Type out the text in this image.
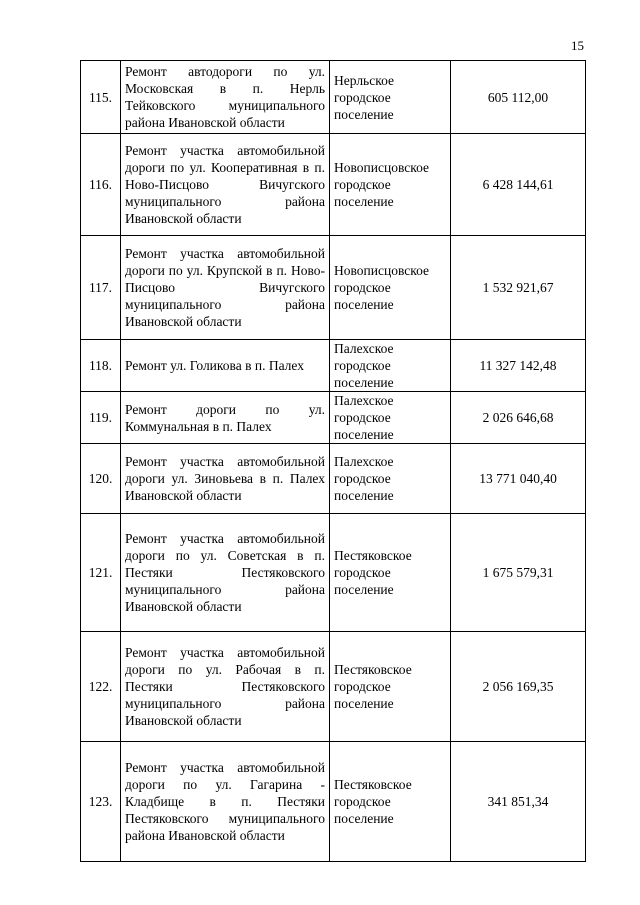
15
115.	Ремонт автодороги по ул. Московская в п. Нерль Тейковского муниципального района Ивановской области	Нерльское городское поселение	605 112,00
116.	Ремонт участка автомобильной дороги по ул. Кооперативная в п. Ново-Писцово Вичугского муниципального района Ивановской области	Новописцовское городское поселение	6 428 144,61
117.	Ремонт участка автомобильной дороги по ул. Крупской в п. Ново-Писцово Вичугского муниципального района Ивановской области	Новописцовское городское поселение	1 532 921,67
118.	Ремонт ул. Голикова в п. Палех	Палехское городское поселение	11 327 142,48
119.	Ремонт дороги по ул. Коммунальная в п. Палех	Палехское городское поселение	2 026 646,68
120.	Ремонт участка автомобильной дороги ул. Зиновьева в п. Палех Ивановской области	Палехское городское поселение	13 771 040,40
121.	Ремонт участка автомобильной дороги по ул. Советская в п. Пестяки Пестяковского муниципального района Ивановской области	Пестяковское городское поселение	1 675 579,31
122.	Ремонт участка автомобильной дороги по ул. Рабочая в п. Пестяки Пестяковского муниципального района Ивановской области	Пестяковское городское поселение	2 056 169,35
123.	Ремонт участка автомобильной дороги по ул. Гагарина - Кладбище в п. Пестяки Пестяковского муниципального района Ивановской области	Пестяковское городское поселение	341 851,34
